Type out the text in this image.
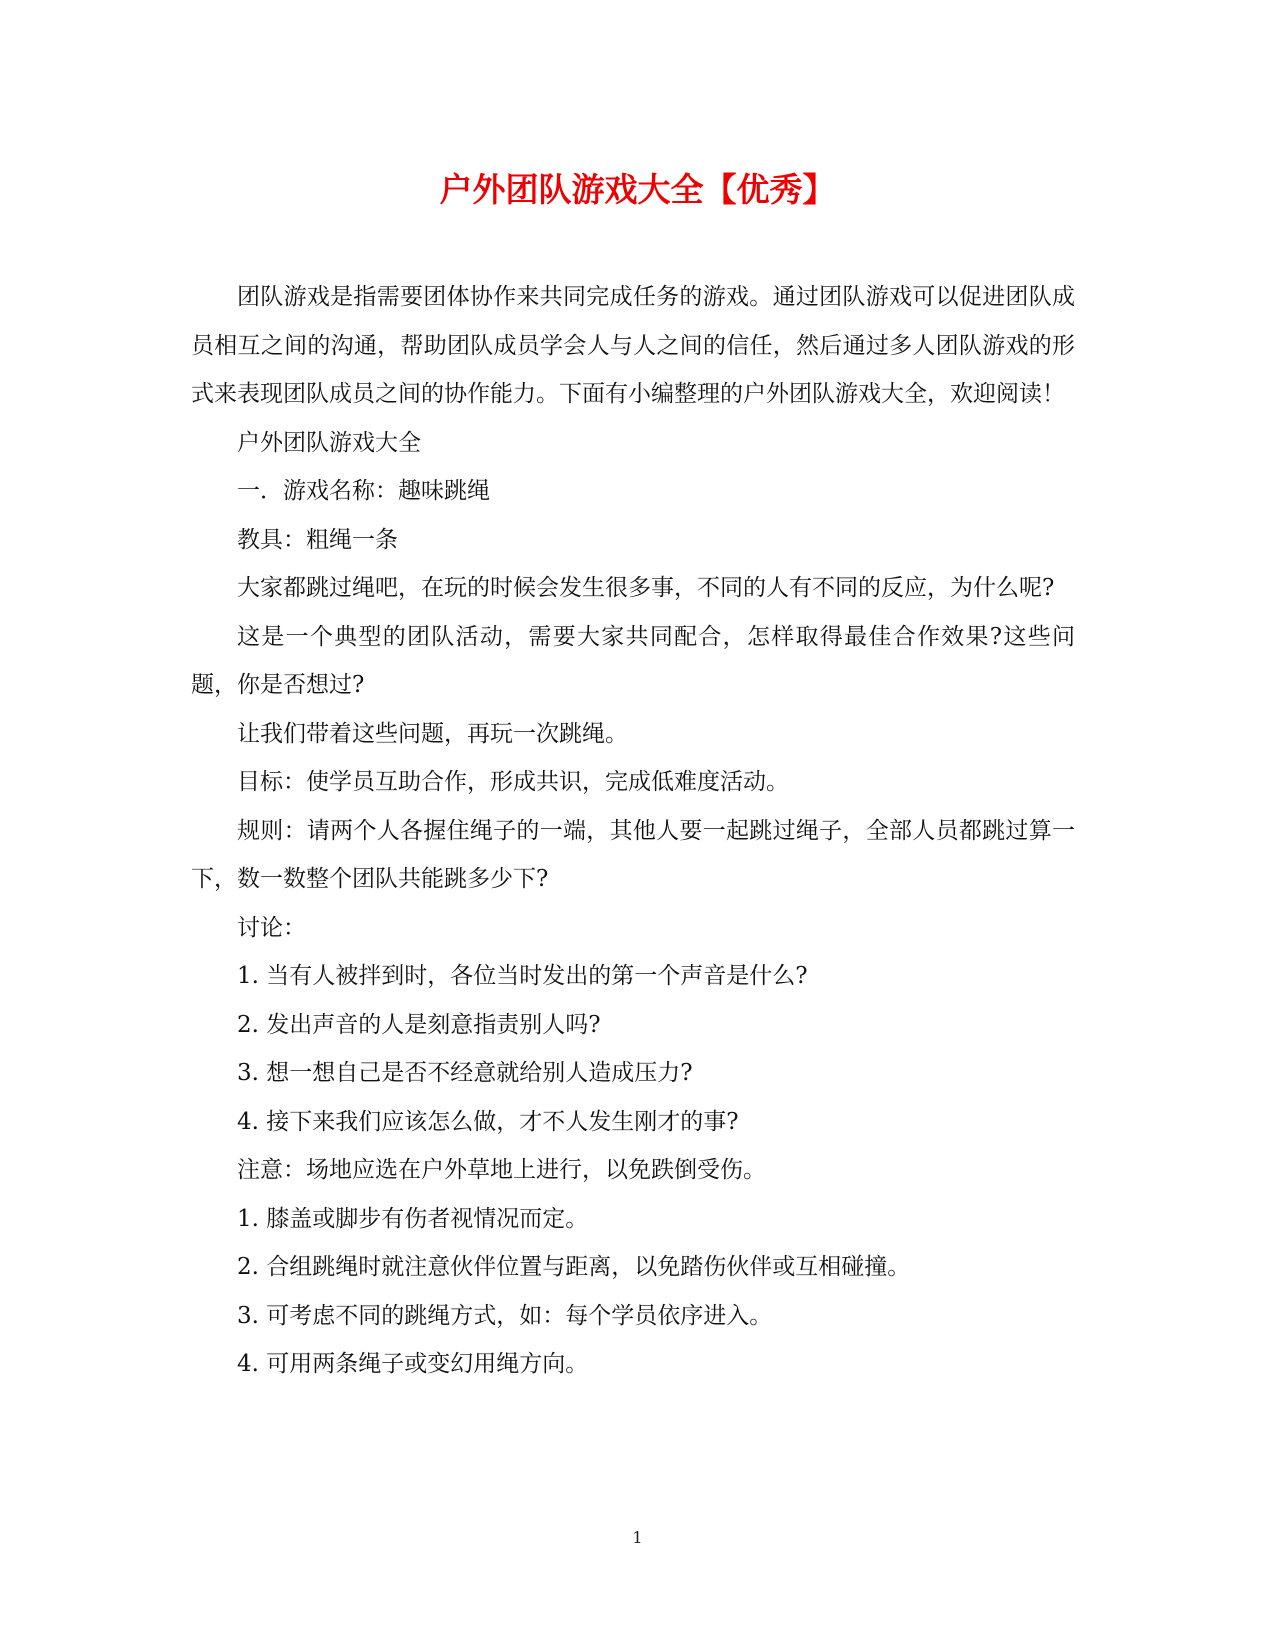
户外团队游戏大全【优秀】

团队游戏是指需要团体协作来共同完成任务的游戏。通过团队游戏可以促进团队成员相互之间的沟通，帮助团队成员学会人与人之间的信任，然后通过多人团队游戏的形式来表现团队成员之间的协作能力。下面有小编整理的户外团队游戏大全，欢迎阅读！

户外团队游戏大全

一．游戏名称：趣味跳绳

教具：粗绳一条

大家都跳过绳吧，在玩的时候会发生很多事，不同的人有不同的反应，为什么呢?

这是一个典型的团队活动，需要大家共同配合，怎样取得最佳合作效果?这些问题，你是否想过?

让我们带着这些问题，再玩一次跳绳。

目标：使学员互助合作，形成共识，完成低难度活动。

规则：请两个人各握住绳子的一端，其他人要一起跳过绳子，全部人员都跳过算一下，数一数整个团队共能跳多少下?

讨论：

1. 当有人被拌到时，各位当时发出的第一个声音是什么?

2. 发出声音的人是刻意指责别人吗?

3. 想一想自己是否不经意就给别人造成压力?

4. 接下来我们应该怎么做，才不人发生刚才的事?

注意：场地应选在户外草地上进行，以免跌倒受伤。

1. 膝盖或脚步有伤者视情况而定。

2. 合组跳绳时就注意伙伴位置与距离，以免踏伤伙伴或互相碰撞。

3. 可考虑不同的跳绳方式，如：每个学员依序进入。

4. 可用两条绳子或变幻用绳方向。

1
